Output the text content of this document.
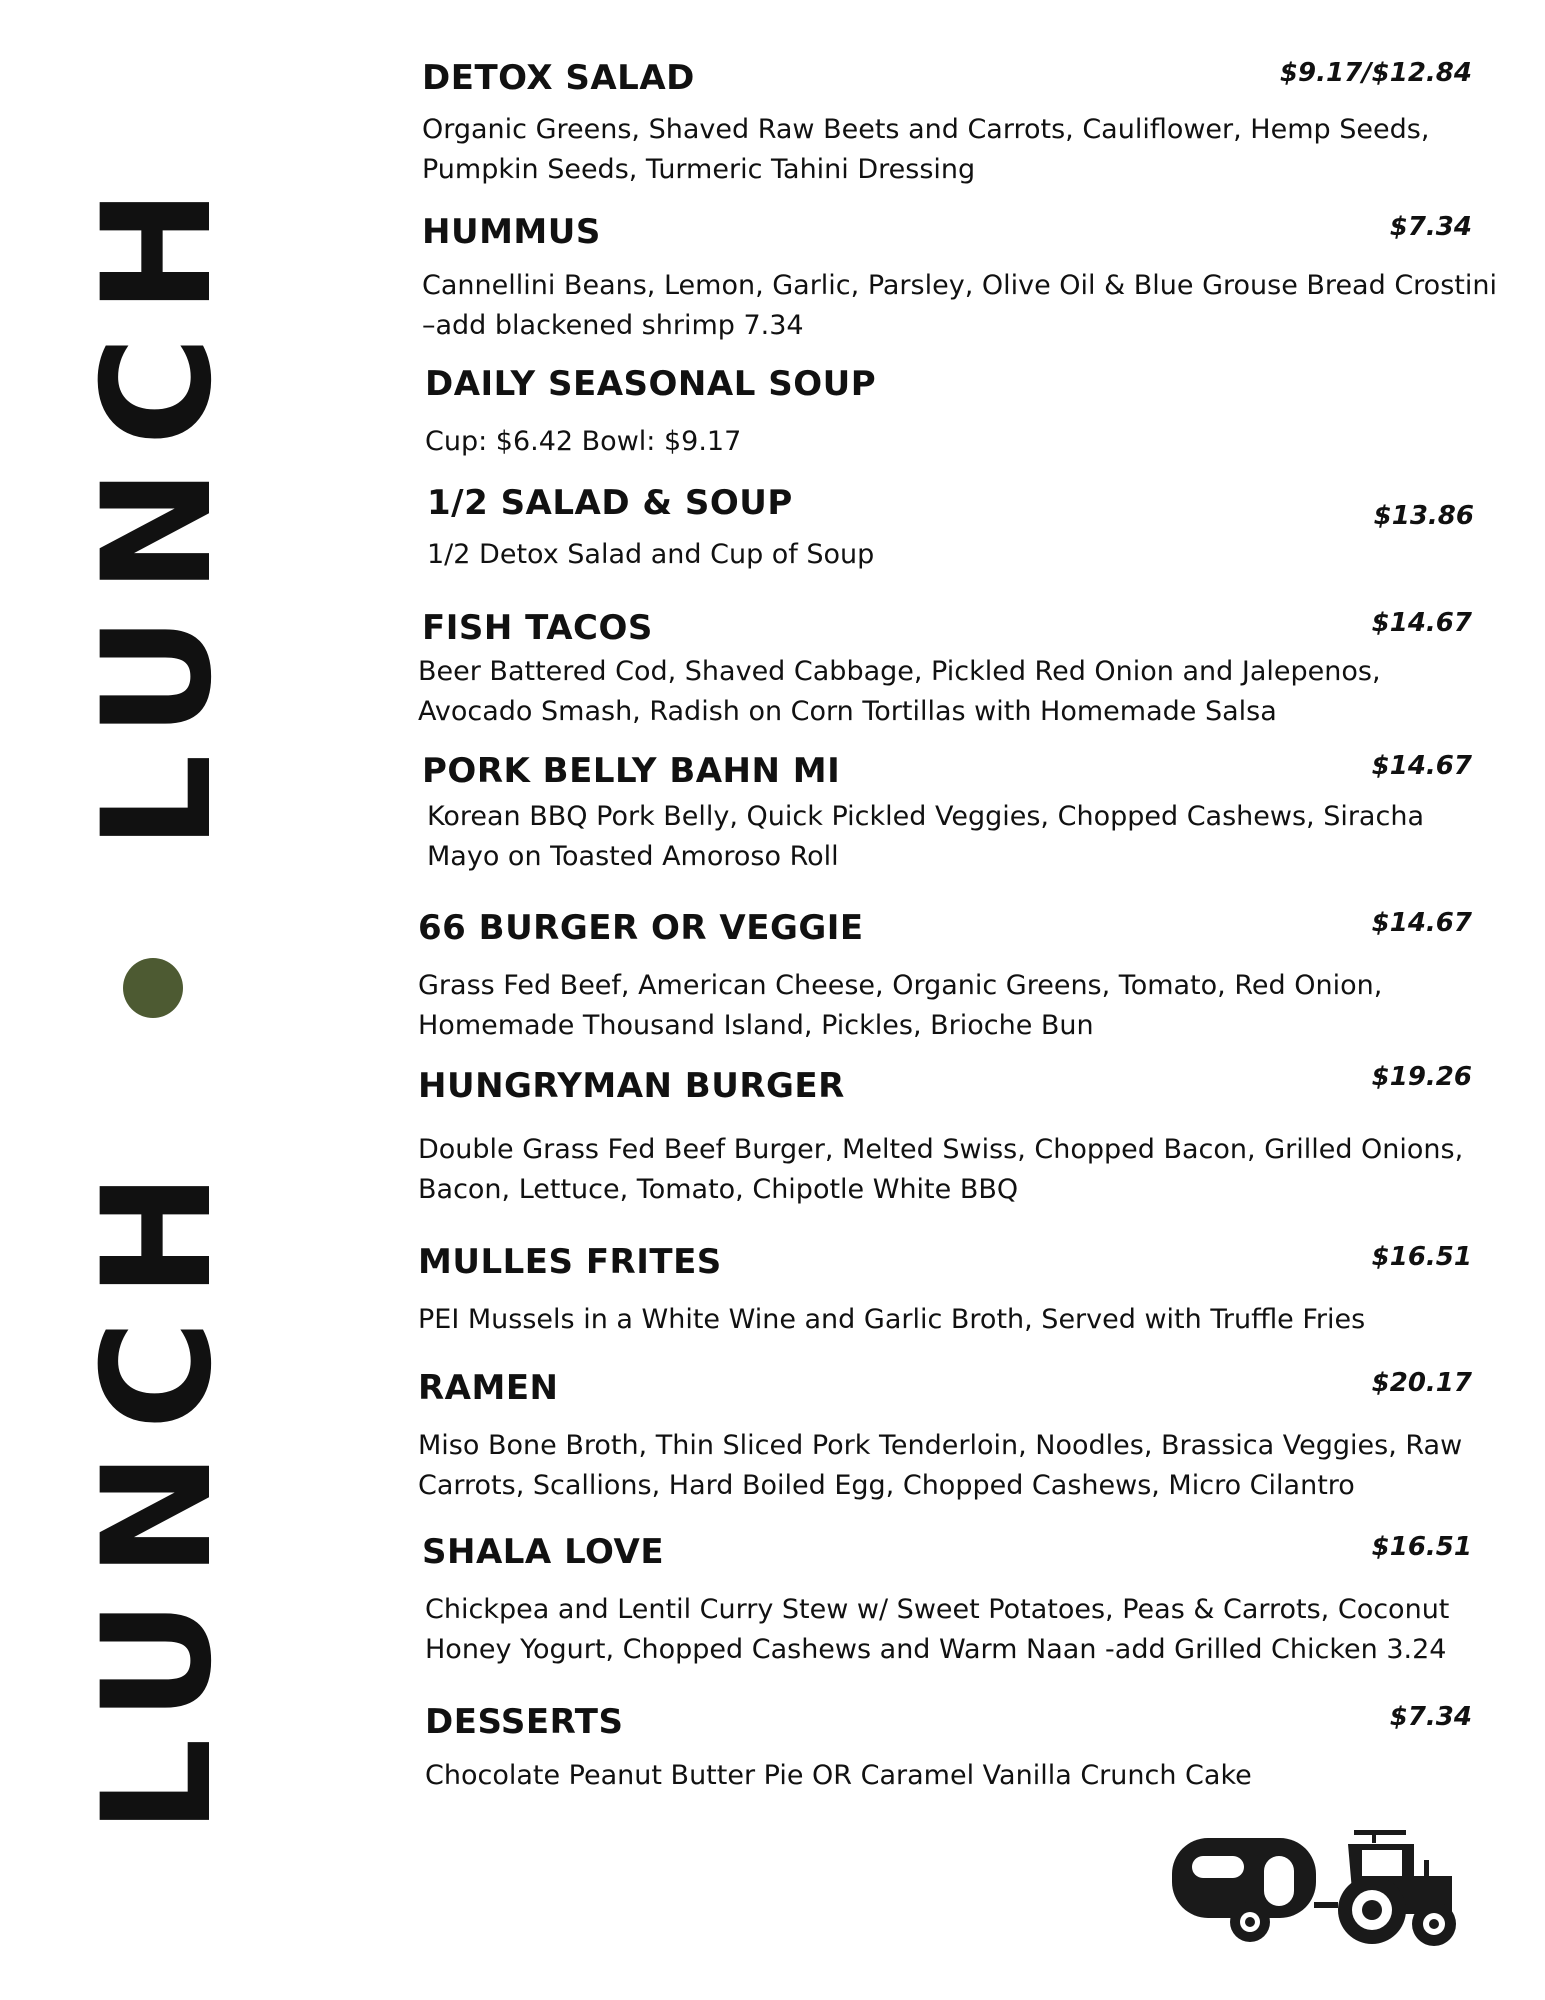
LUNCH
LUNCH
DETOX SALAD	$9.17/$12.84
Organic Greens, Shaved Raw Beets and Carrots, Cauliflower, Hemp Seeds,
Pumpkin Seeds, Turmeric Tahini Dressing
HUMMUS	$7.34
Cannellini Beans, Lemon, Garlic, Parsley, Olive Oil & Blue Grouse Bread Crostini
–add blackened shrimp 7.34
DAILY SEASONAL SOUP
Cup: $6.42 Bowl: $9.17
1/2 SALAD & SOUP	$13.86
1/2 Detox Salad and Cup of Soup
FISH TACOS	$14.67
Beer Battered Cod, Shaved Cabbage, Pickled Red Onion and Jalepenos,
Avocado Smash, Radish on Corn Tortillas with Homemade Salsa
PORK BELLY BAHN MI	$14.67
Korean BBQ Pork Belly, Quick Pickled Veggies, Chopped Cashews, Siracha
Mayo on Toasted Amoroso Roll
66 BURGER OR VEGGIE	$14.67
Grass Fed Beef, American Cheese, Organic Greens, Tomato, Red Onion,
Homemade Thousand Island, Pickles, Brioche Bun
HUNGRYMAN BURGER	$19.26
Double Grass Fed Beef Burger, Melted Swiss, Chopped Bacon, Grilled Onions,
Bacon, Lettuce, Tomato, Chipotle White BBQ
MULLES FRITES	$16.51
PEI Mussels in a White Wine and Garlic Broth, Served with Truffle Fries
RAMEN	$20.17
Miso Bone Broth, Thin Sliced Pork Tenderloin, Noodles, Brassica Veggies, Raw
Carrots, Scallions, Hard Boiled Egg, Chopped Cashews, Micro Cilantro
SHALA LOVE	$16.51
Chickpea and Lentil Curry Stew w/ Sweet Potatoes, Peas & Carrots, Coconut
Honey Yogurt, Chopped Cashews and Warm Naan -add Grilled Chicken 3.24
DESSERTS	$7.34
Chocolate Peanut Butter Pie OR Caramel Vanilla Crunch Cake
